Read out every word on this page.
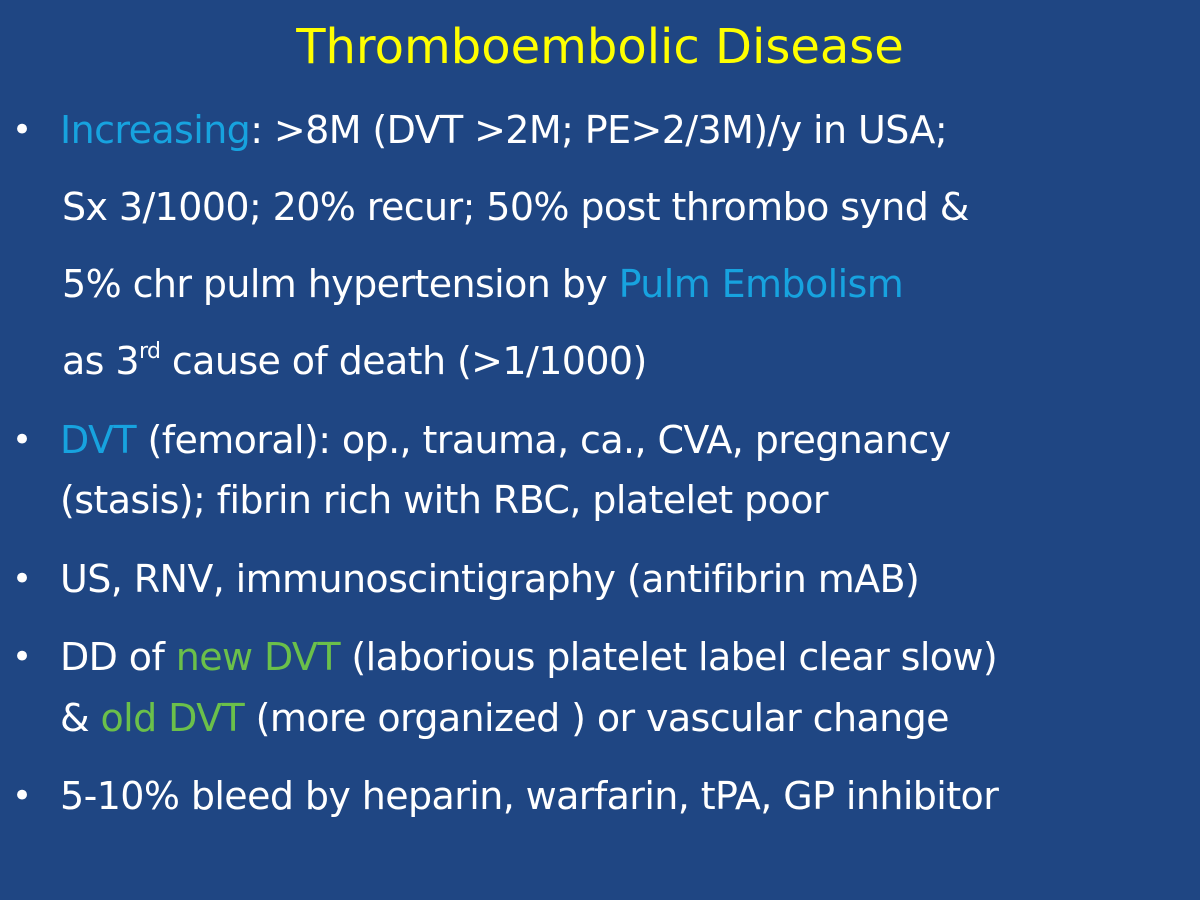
Thromboembolic Disease
• Increasing: >8M (DVT >2M; PE>2/3M)/y in USA;
Sx 3/1000; 20% recur; 50% post thrombo synd &
5% chr pulm hypertension by Pulm Embolism
as 3rd cause of death (>1/1000)
• DVT (femoral): op., trauma, ca., CVA, pregnancy
(stasis); fibrin rich with RBC, platelet poor
• US, RNV, immunoscintigraphy (antifibrin mAB)
• DD of new DVT (laborious platelet label clear slow)
& old DVT (more organized ) or vascular change
• 5-10% bleed by heparin, warfarin, tPA, GP inhibitor
